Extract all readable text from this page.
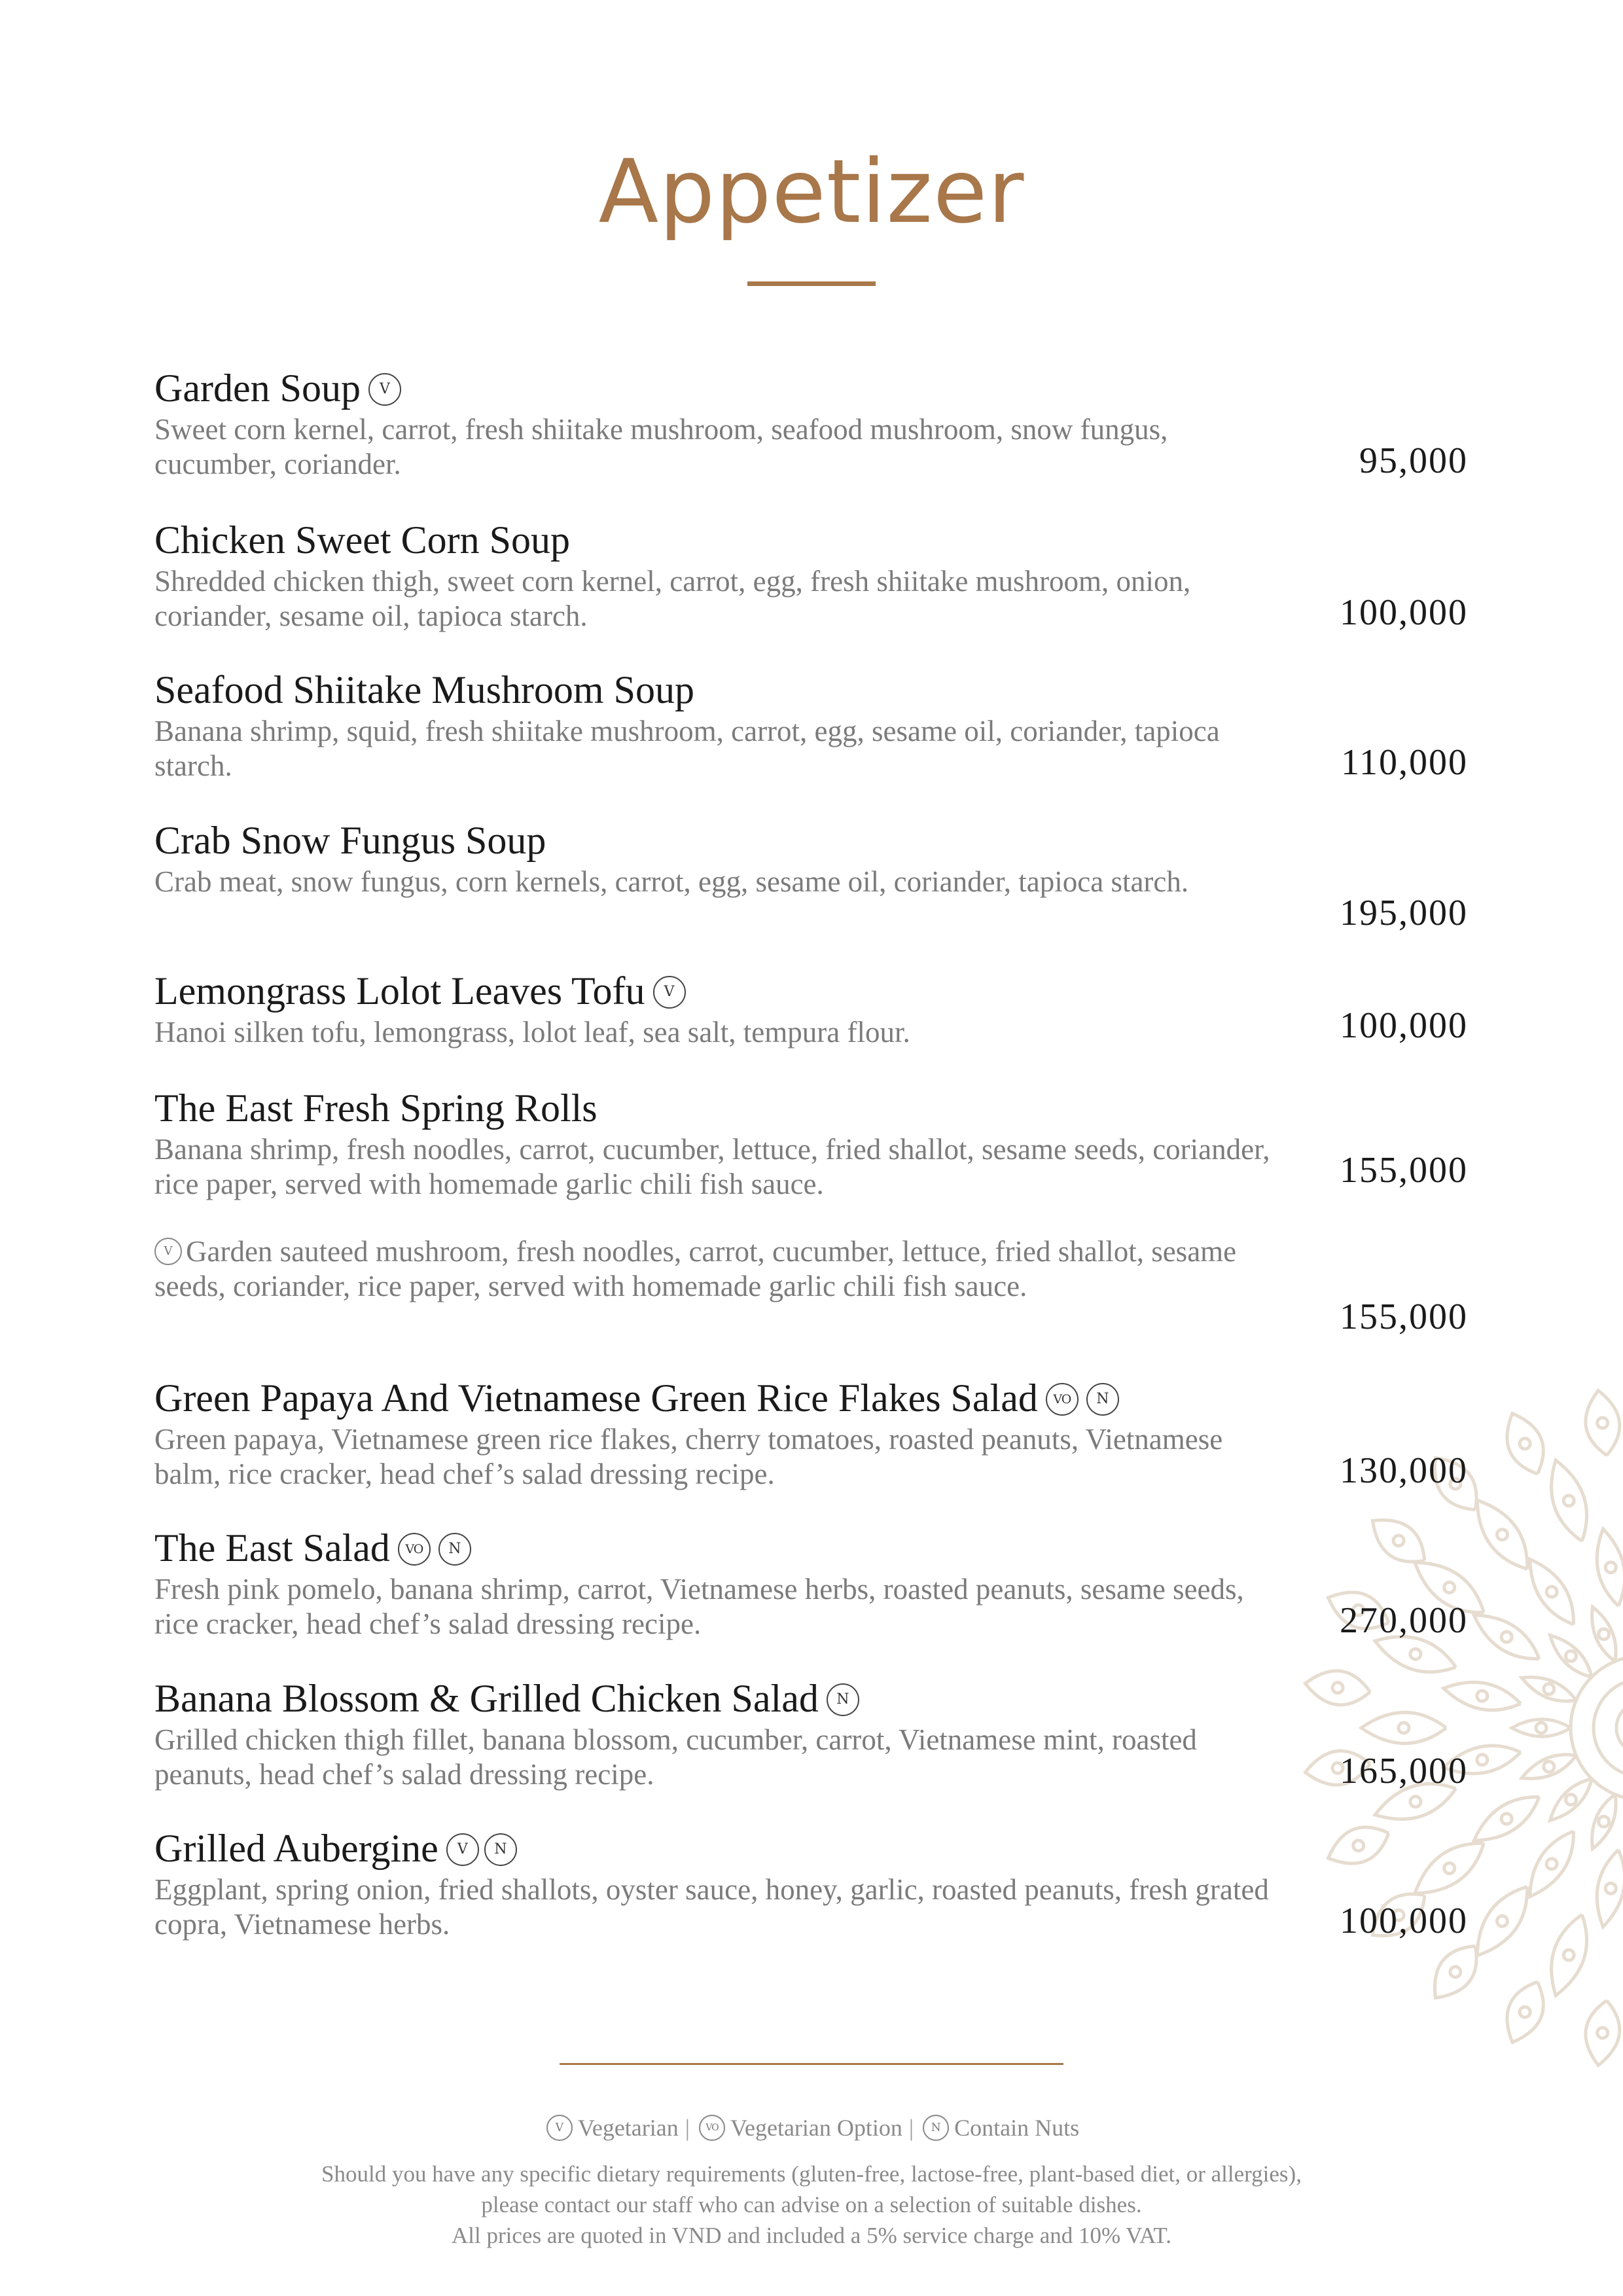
Appetizer
Garden Soup V
Sweet corn kernel, carrot, fresh shiitake mushroom, seafood mushroom, snow fungus, cucumber, coriander.	95,000
Chicken Sweet Corn Soup
Shredded chicken thigh, sweet corn kernel, carrot, egg, fresh shiitake mushroom, onion, coriander, sesame oil, tapioca starch.	100,000
Seafood Shiitake Mushroom Soup
Banana shrimp, squid, fresh shiitake mushroom, carrot, egg, sesame oil, coriander, tapioca starch.	110,000
Crab Snow Fungus Soup
Crab meat, snow fungus, corn kernels, carrot, egg, sesame oil, coriander, tapioca starch.
195,000
Lemongrass Lolot Leaves Tofu V
Hanoi silken tofu, lemongrass, lolot leaf, sea salt, tempura flour.	100,000
The East Fresh Spring Rolls
Banana shrimp, fresh noodles, carrot, cucumber, lettuce, fried shallot, sesame seeds, coriander, rice paper, served with homemade garlic chili fish sauce.	155,000
V Garden sauteed mushroom, fresh noodles, carrot, cucumber, lettuce, fried shallot, sesame seeds, coriander, rice paper, served with homemade garlic chili fish sauce.
155,000
Green Papaya And Vietnamese Green Rice Flakes Salad VO N
Green papaya, Vietnamese green rice flakes, cherry tomatoes, roasted peanuts, Vietnamese balm, rice cracker, head chef’s salad dressing recipe.	130,000
The East Salad VO N
Fresh pink pomelo, banana shrimp, carrot, Vietnamese herbs, roasted peanuts, sesame seeds, rice cracker, head chef’s salad dressing recipe.	270,000
Banana Blossom & Grilled Chicken Salad N
Grilled chicken thigh fillet, banana blossom, cucumber, carrot, Vietnamese mint, roasted peanuts, head chef’s salad dressing recipe.	165,000
Grilled Aubergine V N
Eggplant, spring onion, fried shallots, oyster sauce, honey, garlic, roasted peanuts, fresh grated copra, Vietnamese herbs.	100,000
V Vegetarian | VO Vegetarian Option | N Contain Nuts
Should you have any specific dietary requirements (gluten-free, lactose-free, plant-based diet, or allergies),
please contact our staff who can advise on a selection of suitable dishes.
All prices are quoted in VND and included a 5% service charge and 10% VAT.
